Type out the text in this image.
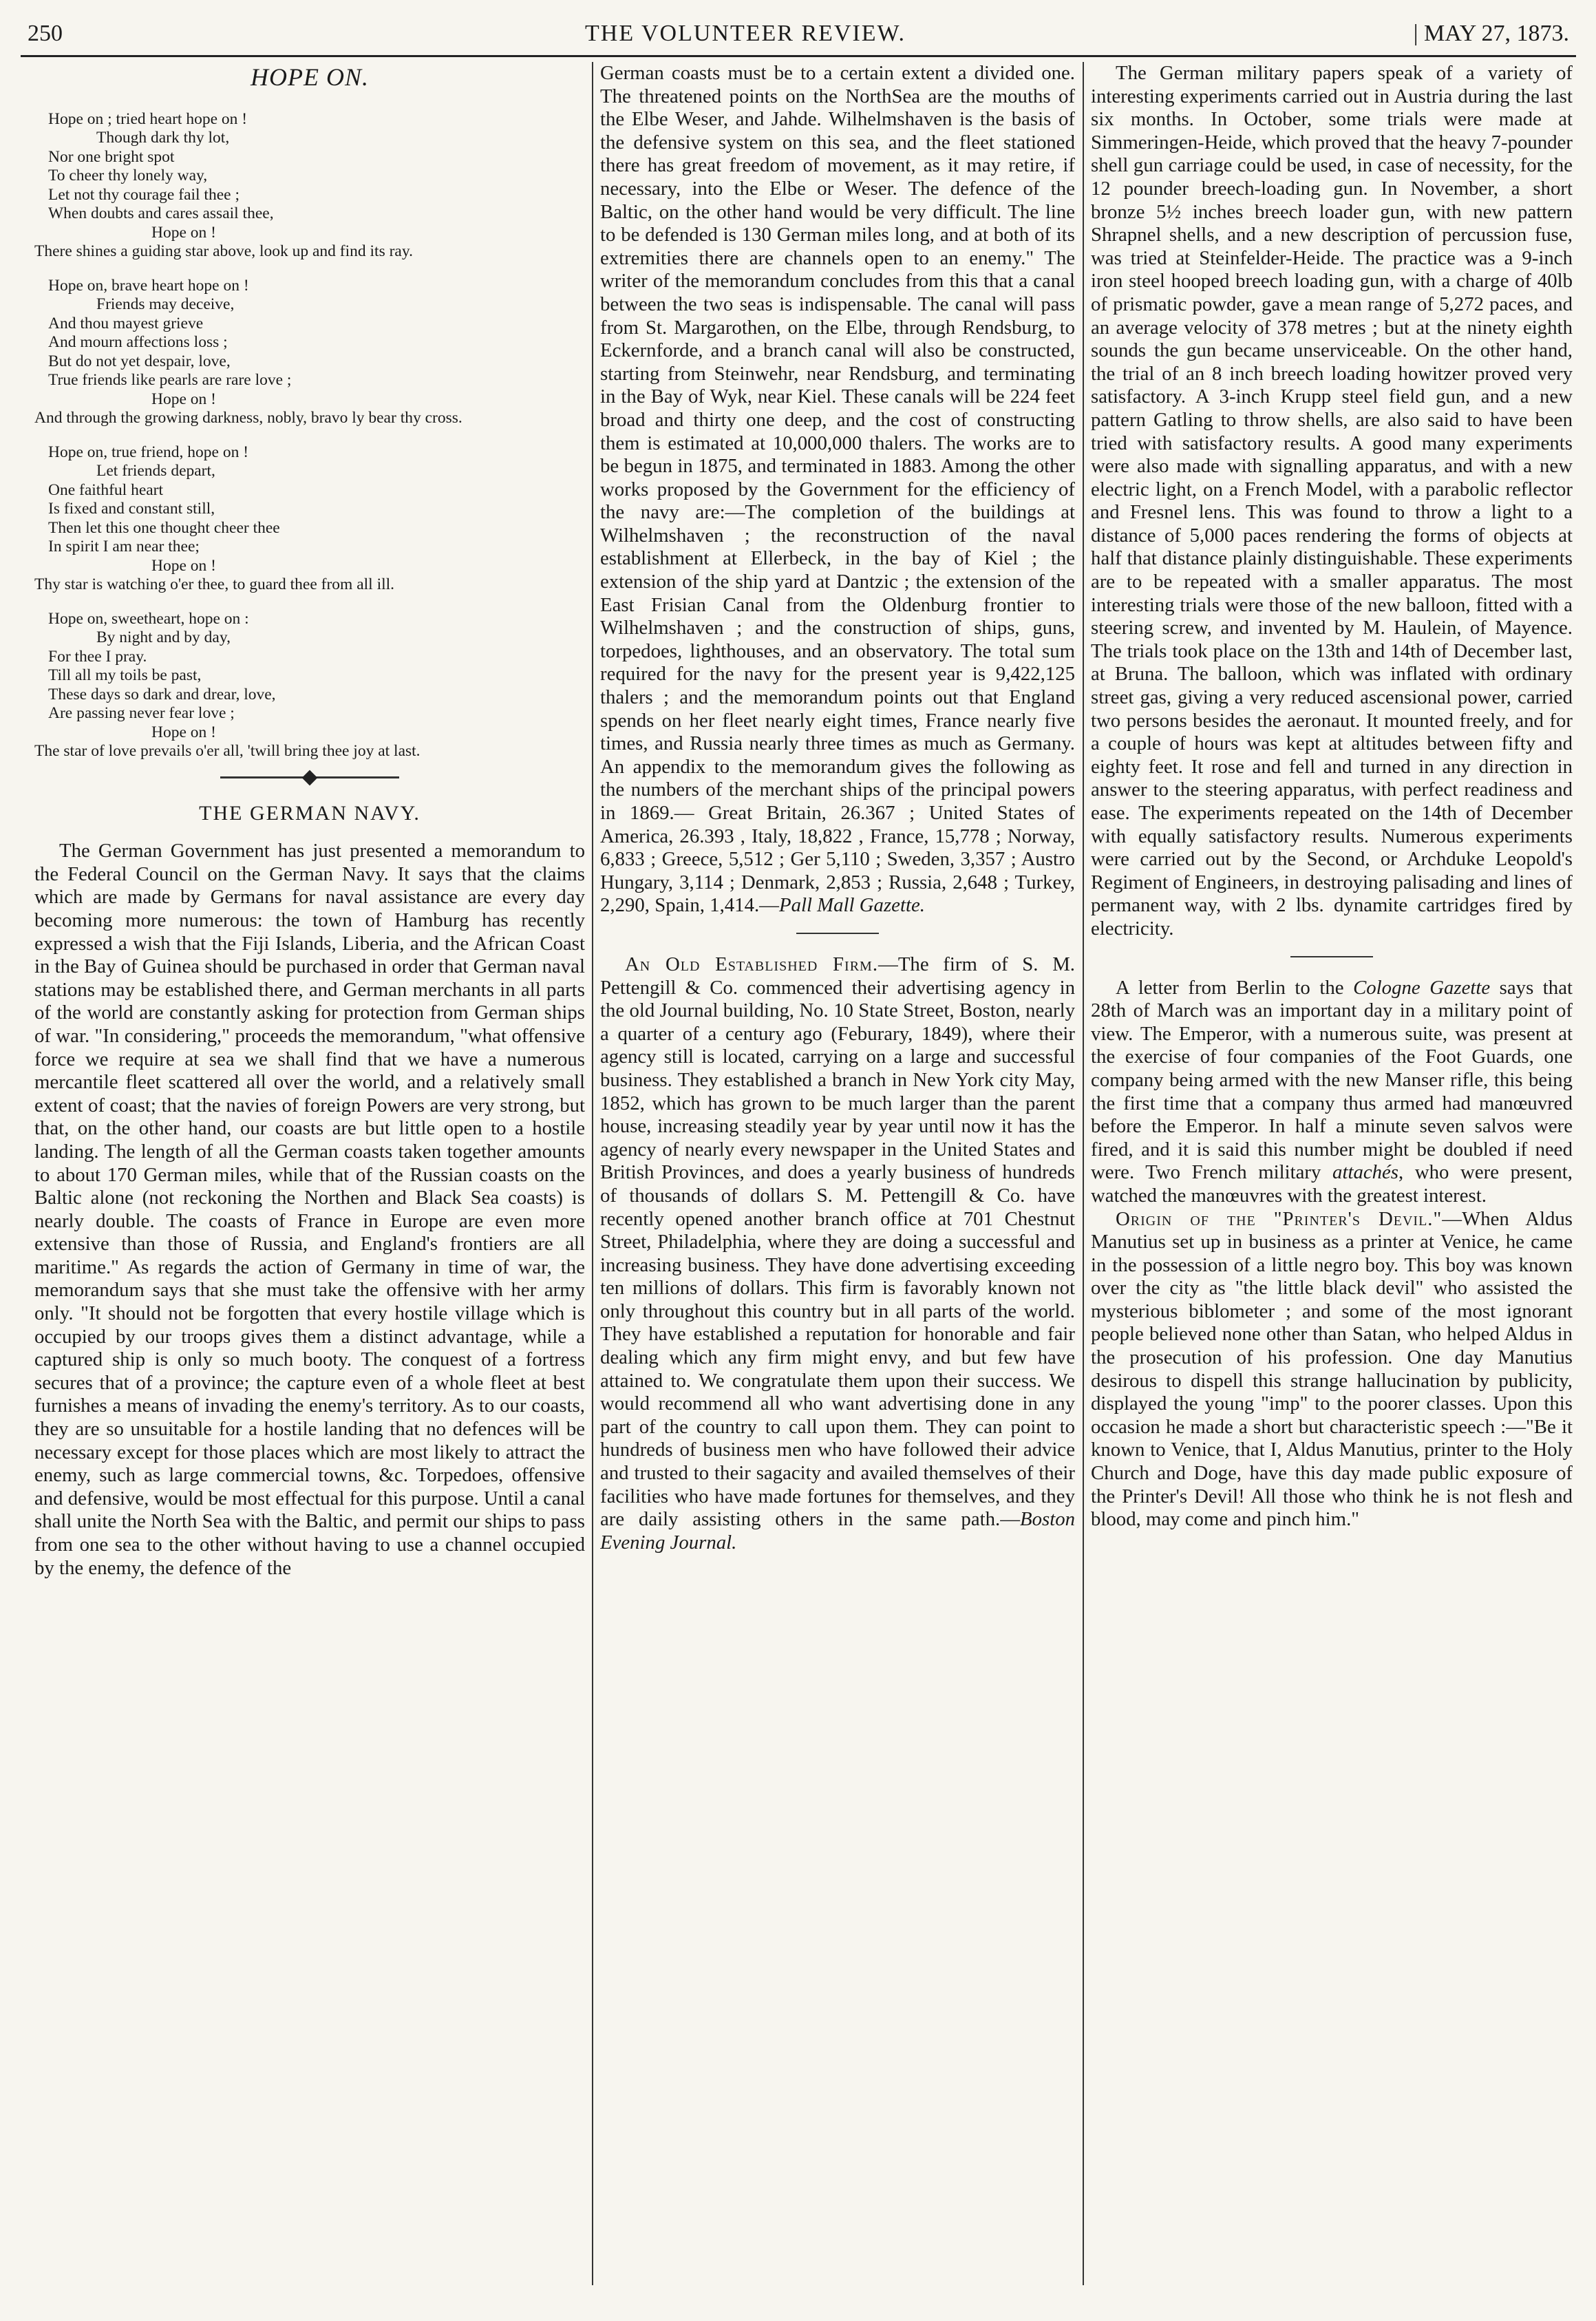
250	THE VOLUNTEER REVIEW.	| MAY 27, 1873.
HOPE ON.
Hope on ; tried heart hope on !
Though dark thy lot,
Nor one bright spot
To cheer thy lonely way,
Let not thy courage fail thee ;
When doubts and cares assail thee,
Hope on !
There shines a guiding star above, look up and find its ray.
Hope on, brave heart hope on !
Friends may deceive,
And thou mayest grieve
And mourn affections loss ;
But do not yet despair, love,
True friends like pearls are rare love ;
Hope on !
And through the growing darkness, nobly, bravo ly bear thy cross.
Hope on, true friend, hope on !
Let friends depart,
One faithful heart
Is fixed and constant still,
Then let this one thought cheer thee
In spirit I am near thee;
Hope on !
Thy star is watching o'er thee, to guard thee from all ill.
Hope on, sweetheart, hope on :
By night and by day,
For thee I pray.
Till all my toils be past,
These days so dark and drear, love,
Are passing never fear love ;
Hope on !
The star of love prevails o'er all, 'twill bring thee joy at last.
THE GERMAN NAVY.

The German Government has just presented a memorandum to the Federal Council on the German Navy. It says that the claims which are made by Germans for naval assistance are every day becoming more numerous: the town of Hamburg has recently expressed a wish that the Fiji Islands, Liberia, and the African Coast in the Bay of Guinea should be purchased in order that German naval stations may be established there, and German merchants in all parts of the world are constantly asking for protection from German ships of war. "In considering," proceeds the memorandum, "what offensive force we require at sea we shall find that we have a numerous mercantile fleet scattered all over the world, and a relatively small extent of coast; that the navies of foreign Powers are very strong, but that, on the other hand, our coasts are but little open to a hostile landing. The length of all the German coasts taken together amounts to about 170 German miles, while that of the Russian coasts on the Baltic alone (not reckoning the Northen and Black Sea coasts) is nearly double. The coasts of France in Europe are even more extensive than those of Russia, and England's frontiers are all maritime." As regards the action of Germany in time of war, the memorandum says that she must take the offensive with her army only. "It should not be forgotten that every hostile village which is occupied by our troops gives them a distinct advantage, while a captured ship is only so much booty. The conquest of a fortress secures that of a province; the capture even of a whole fleet at best furnishes a means of invading the enemy's territory. As to our coasts, they are so unsuitable for a hostile landing that no defences will be necessary except for those places which are most likely to attract the enemy, such as large commercial towns, &c. Torpedoes, offensive and defensive, would be most effectual for this purpose. Until a canal shall unite the North Sea with the Baltic, and permit our ships to pass from one sea to the other without having to use a channel occupied by the enemy, the defence of the

German coasts must be to a certain extent a divided one. The threatened points on the NorthSea are the mouths of the Elbe Weser, and Jahde. Wilhelmshaven is the basis of the defensive system on this sea, and the fleet stationed there has great freedom of movement, as it may retire, if necessary, into the Elbe or Weser. The defence of the Baltic, on the other hand would be very difficult. The line to be defended is 130 German miles long, and at both of its extremities there are channels open to an enemy." The writer of the memorandum concludes from this that a canal between the two seas is indispensable. The canal will pass from St. Margarothen, on the Elbe, through Rendsburg, to Eckernforde, and a branch canal will also be constructed, starting from Steinwehr, near Rendsburg, and terminating in the Bay of Wyk, near Kiel. These canals will be 224 feet broad and thirty one deep, and the cost of constructing them is estimated at 10,000,000 thalers. The works are to be begun in 1875, and terminated in 1883. Among the other works proposed by the Government for the efficiency of the navy are:—The completion of the buildings at Wilhelmshaven ; the reconstruction of the naval establishment at Ellerbeck, in the bay of Kiel ; the extension of the ship yard at Dantzic ; the extension of the East Frisian Canal from the Oldenburg frontier to Wilhelmshaven ; and the construction of ships, guns, torpedoes, lighthouses, and an observatory. The total sum required for the navy for the present year is 9,422,125 thalers ; and the memorandum points out that England spends on her fleet nearly eight times, France nearly five times, and Russia nearly three times as much as Germany. An appendix to the memorandum gives the following as the numbers of the merchant ships of the principal powers in 1869.— Great Britain, 26.367 ; United States of America, 26.393 , Italy, 18,822 , France, 15,778 ; Norway, 6,833 ; Greece, 5,512 ; Ger 5,110 ; Sweden, 3,357 ; Austro Hungary, 3,114 ; Denmark, 2,853 ; Russia, 2,648 ; Turkey, 2,290, Spain, 1,414.—Pall Mall Gazette.

An Old Established Firm.—The firm of S. M. Pettengill & Co. commenced their advertising agency in the old Journal building, No. 10 State Street, Boston, nearly a quarter of a century ago (Feburary, 1849), where their agency still is located, carrying on a large and successful business. They established a branch in New York city May, 1852, which has grown to be much larger than the parent house, increasing steadily year by year until now it has the agency of nearly every newspaper in the United States and British Provinces, and does a yearly business of hundreds of thousands of dollars S. M. Pettengill & Co. have recently opened another branch office at 701 Chestnut Street, Philadelphia, where they are doing a successful and increasing business. They have done advertising exceeding ten millions of dollars. This firm is favorably known not only throughout this country but in all parts of the world. They have established a reputation for honorable and fair dealing which any firm might envy, and but few have attained to. We congratulate them upon their success. We would recommend all who want advertising done in any part of the country to call upon them. They can point to hundreds of business men who have followed their advice and trusted to their sagacity and availed themselves of their facilities who have made fortunes for themselves, and they are daily assisting others in the same path.—Boston Evening Journal.

The German military papers speak of a variety of interesting experiments carried out in Austria during the last six months. In October, some trials were made at Simmeringen-Heide, which proved that the heavy 7-pounder shell gun carriage could be used, in case of necessity, for the 12 pounder breech-loading gun. In November, a short bronze 5½ inches breech loader gun, with new pattern Shrapnel shells, and a new description of percussion fuse, was tried at Steinfelder-Heide. The practice was a 9-inch iron steel hooped breech loading gun, with a charge of 40lb of prismatic powder, gave a mean range of 5,272 paces, and an average velocity of 378 metres ; but at the ninety eighth sounds the gun became unserviceable. On the other hand, the trial of an 8 inch breech loading howitzer proved very satisfactory. A 3-inch Krupp steel field gun, and a new pattern Gatling to throw shells, are also said to have been tried with satisfactory results. A good many experiments were also made with signalling apparatus, and with a new electric light, on a French Model, with a parabolic reflector and Fresnel lens. This was found to throw a light to a distance of 5,000 paces rendering the forms of objects at half that distance plainly distinguishable. These experiments are to be repeated with a smaller apparatus. The most interesting trials were those of the new balloon, fitted with a steering screw, and invented by M. Haulein, of Mayence. The trials took place on the 13th and 14th of December last, at Bruna. The balloon, which was inflated with ordinary street gas, giving a very reduced ascensional power, carried two persons besides the aeronaut. It mounted freely, and for a couple of hours was kept at altitudes between fifty and eighty feet. It rose and fell and turned in any direction in answer to the steering apparatus, with perfect readiness and ease. The experiments repeated on the 14th of December with equally satisfactory results. Numerous experiments were carried out by the Second, or Archduke Leopold's Regiment of Engineers, in destroying palisading and lines of permanent way, with 2 lbs. dynamite cartridges fired by electricity.

A letter from Berlin to the Cologne Gazette says that 28th of March was an important day in a military point of view. The Emperor, with a numerous suite, was present at the exercise of four companies of the Foot Guards, one company being armed with the new Manser rifle, this being the first time that a company thus armed had manœuvred before the Emperor. In half a minute seven salvos were fired, and it is said this number might be doubled if need were. Two French military attachés, who were present, watched the manœuvres with the greatest interest.

Origin of the "Printer's Devil."—When Aldus Manutius set up in business as a printer at Venice, he came in the possession of a little negro boy. This boy was known over the city as "the little black devil" who assisted the mysterious biblometer ; and some of the most ignorant people believed none other than Satan, who helped Aldus in the prosecution of his profession. One day Manutius desirous to dispell this strange hallucination by publicity, displayed the young "imp" to the poorer classes. Upon this occasion he made a short but characteristic speech :—"Be it known to Venice, that I, Aldus Manutius, printer to the Holy Church and Doge, have this day made public exposure of the Printer's Devil! All those who think he is not flesh and blood, may come and pinch him."
